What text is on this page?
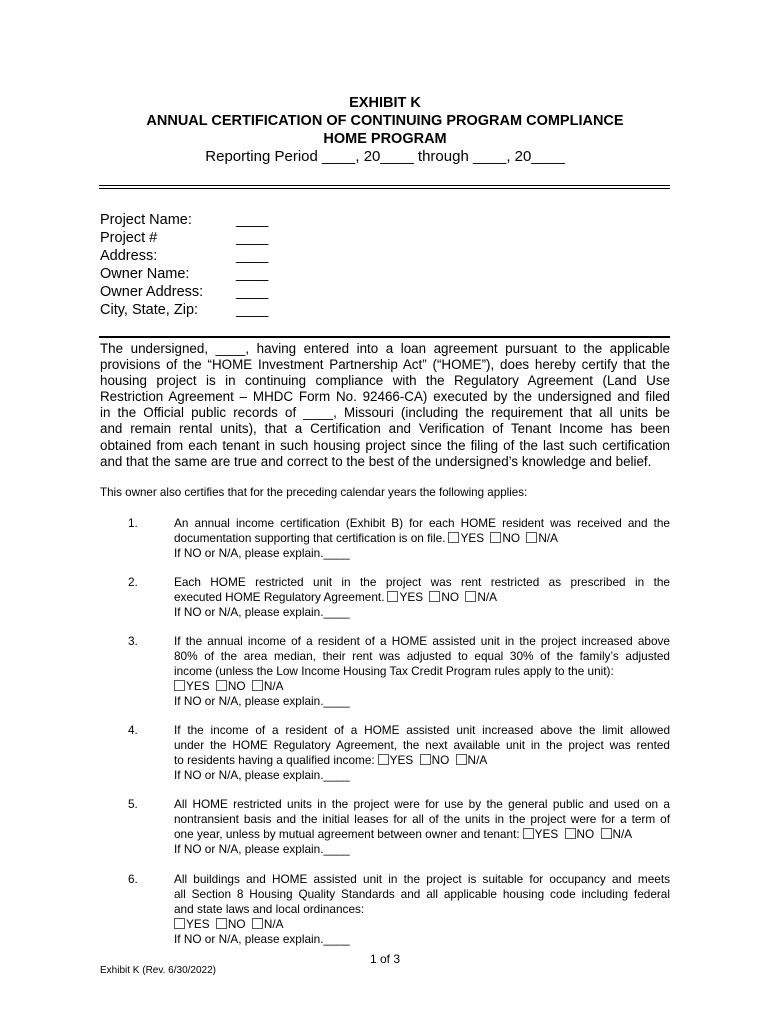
EXHIBIT K
ANNUAL CERTIFICATION OF CONTINUING PROGRAM COMPLIANCE
HOME PROGRAM
Reporting Period ____, 20____ through ____, 20____
Project Name:	____
Project #	____
Address:	____
Owner Name:	____
Owner Address: ____
City, State, Zip:	____
The undersigned, ____, having entered into a loan agreement pursuant to the applicable
provisions of the “HOME Investment Partnership Act” (“HOME”), does hereby certify that the
housing project is in continuing compliance with the Regulatory Agreement (Land Use
Restriction Agreement – MHDC Form No. 92466-CA) executed by the undersigned and filed
in the Official public records of ____, Missouri (including the requirement that all units be
and remain rental units), that a Certification and Verification of Tenant Income has been
obtained from each tenant in such housing project since the filing of the last such certification
and that the same are true and correct to the best of the undersigned’s knowledge and belief.
This owner also certifies that for the preceding calendar years the following applies:
1.	An annual income certification (Exhibit B) for each HOME resident was received and the
documentation supporting that certification is on file. YES NO N/A
If NO or N/A, please explain.____
2.	Each HOME restricted unit in the project was rent restricted as prescribed in the
executed HOME Regulatory Agreement. YES NO N/A
If NO or N/A, please explain.____
3.	If the annual income of a resident of a HOME assisted unit in the project increased above
80% of the area median, their rent was adjusted to equal 30% of the family’s adjusted
income (unless the Low Income Housing Tax Credit Program rules apply to the unit):
YES NO N/A
If NO or N/A, please explain.____
4.	If the income of a resident of a HOME assisted unit increased above the limit allowed
under the HOME Regulatory Agreement, the next available unit in the project was rented
to residents having a qualified income: YES NO N/A
If NO or N/A, please explain.____
5.	All HOME restricted units in the project were for use by the general public and used on a
nontransient basis and the initial leases for all of the units in the project were for a term of
one year, unless by mutual agreement between owner and tenant: YES NO N/A
If NO or N/A, please explain.____
6.	All buildings and HOME assisted unit in the project is suitable for occupancy and meets
all Section 8 Housing Quality Standards and all applicable housing code including federal
and state laws and local ordinances:
YES NO N/A
If NO or N/A, please explain.____
1 of 3
Exhibit K (Rev. 6/30/2022)
